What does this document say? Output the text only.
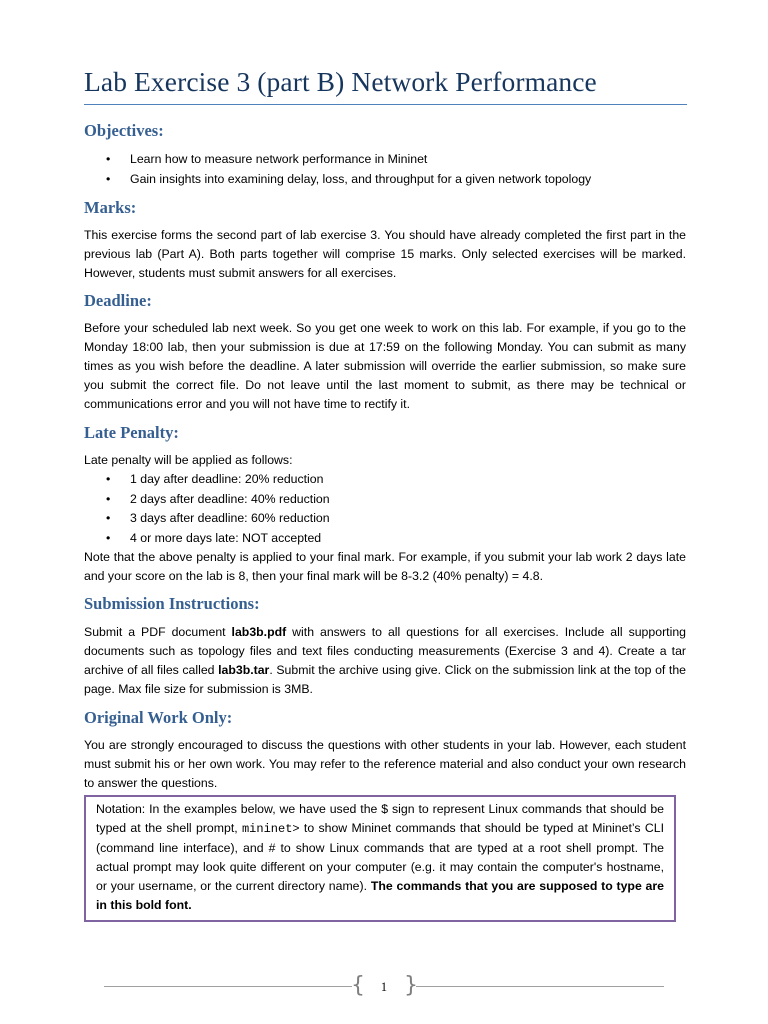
Lab Exercise 3 (part B) Network Performance
Objectives:
• Learn how to measure network performance in Mininet
• Gain insights into examining delay, loss, and throughput for a given network topology
Marks:
This exercise forms the second part of lab exercise 3. You should have already completed the first part in the previous lab (Part A). Both parts together will comprise 15 marks. Only selected exercises will be marked. However, students must submit answers for all exercises.
Deadline:
Before your scheduled lab next week. So you get one week to work on this lab. For example, if you go to the Monday 18:00 lab, then your submission is due at 17:59 on the following Monday. You can submit as many times as you wish before the deadline. A later submission will override the earlier submission, so make sure you submit the correct file. Do not leave until the last moment to submit, as there may be technical or communications error and you will not have time to rectify it.
Late Penalty:
Late penalty will be applied as follows:
• 1 day after deadline: 20% reduction
• 2 days after deadline: 40% reduction
• 3 days after deadline: 60% reduction
• 4 or more days late: NOT accepted
Note that the above penalty is applied to your final mark. For example, if you submit your lab work 2 days late and your score on the lab is 8, then your final mark will be 8-3.2 (40% penalty) = 4.8.
Submission Instructions:
Submit a PDF document lab3b.pdf with answers to all questions for all exercises. Include all supporting documents such as topology files and text files conducting measurements (Exercise 3 and 4). Create a tar archive of all files called lab3b.tar. Submit the archive using give. Click on the submission link at the top of the page. Max file size for submission is 3MB.
Original Work Only:
You are strongly encouraged to discuss the questions with other students in your lab. However, each student must submit his or her own work. You may refer to the reference material and also conduct your own research to answer the questions.
Notation: In the examples below, we have used the $ sign to represent Linux commands that should be typed at the shell prompt, mininet> to show Mininet commands that should be typed at Mininet’s CLI (command line interface), and # to show Linux commands that are typed at a root shell prompt. The actual prompt may look quite different on your computer (e.g. it may contain the computer's hostname, or your username, or the current directory name). The commands that you are supposed to type are in this bold font.
{ }
1
